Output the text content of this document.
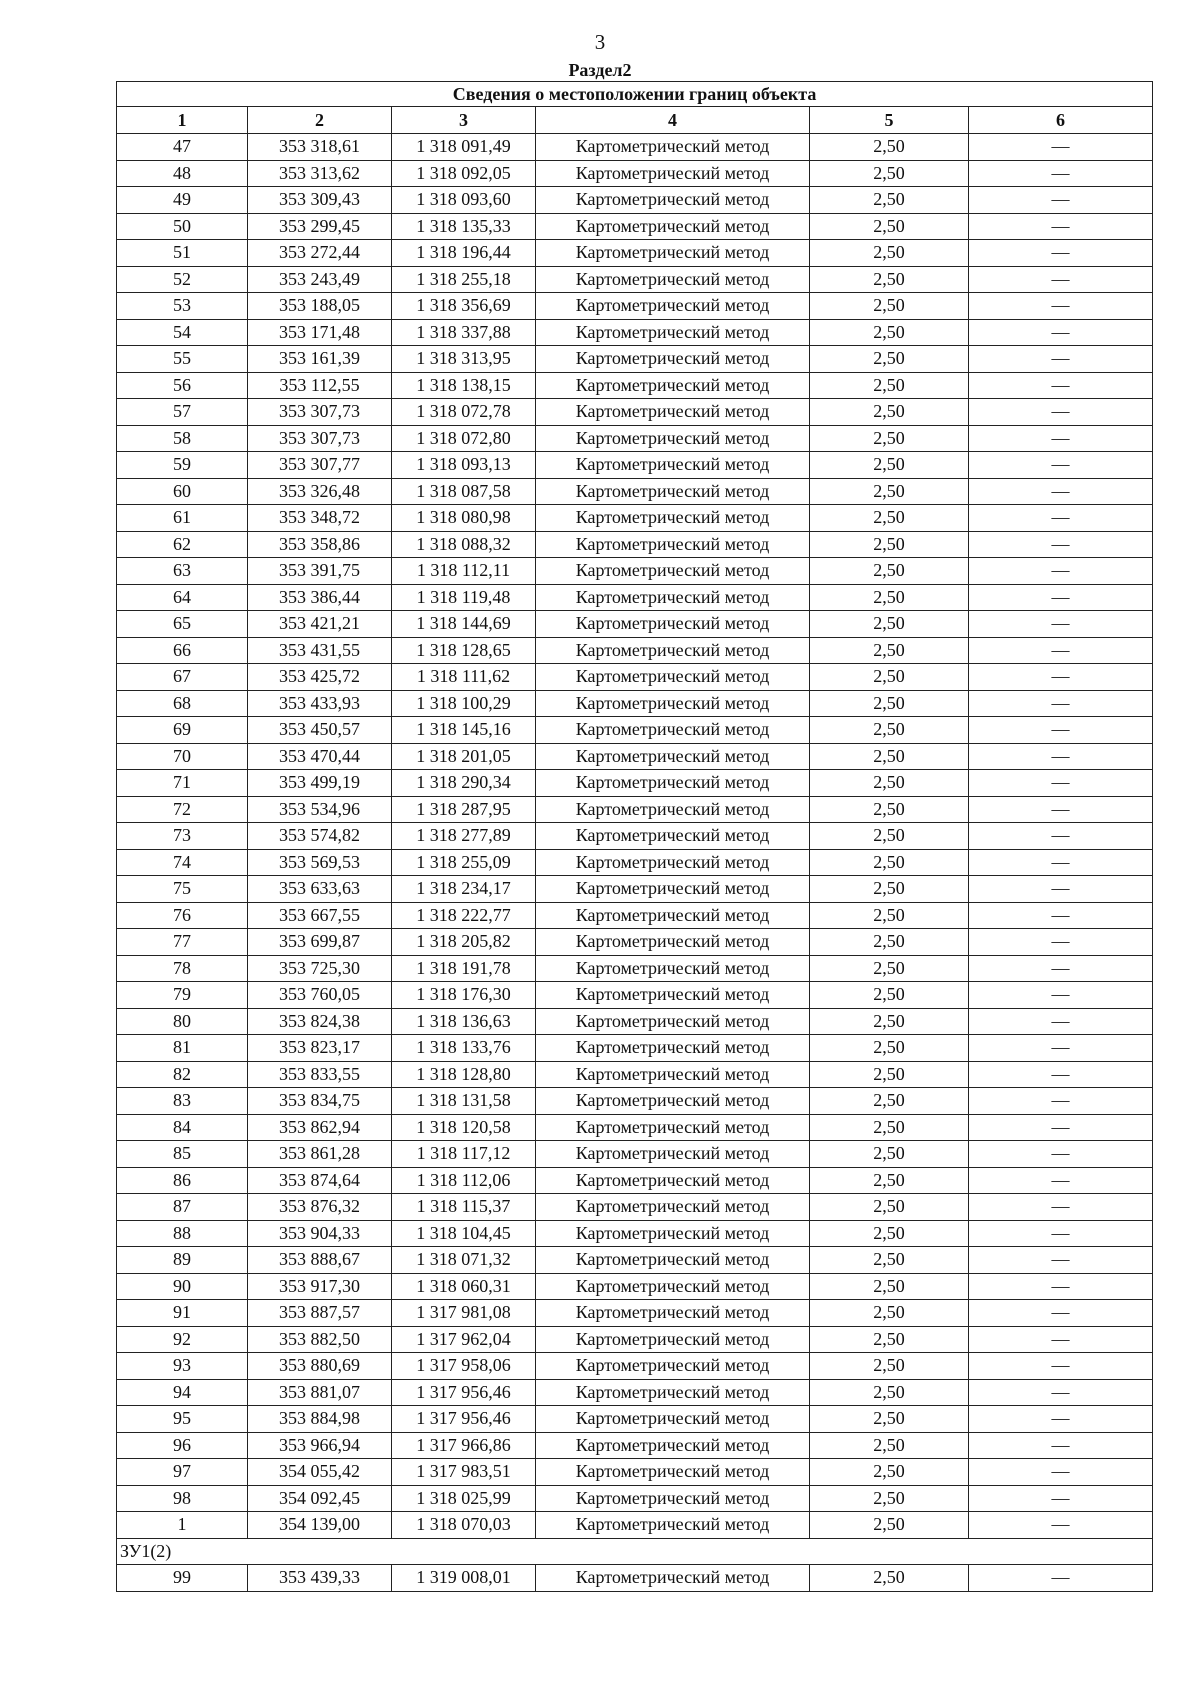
3
Раздел2
Сведения о местоположении границ объекта					
1	2	3	4	5	6
47	353 318,61	1 318 091,49	Картометрический метод	2,50	—
48	353 313,62	1 318 092,05	Картометрический метод	2,50	—
49	353 309,43	1 318 093,60	Картометрический метод	2,50	—
50	353 299,45	1 318 135,33	Картометрический метод	2,50	—
51	353 272,44	1 318 196,44	Картометрический метод	2,50	—
52	353 243,49	1 318 255,18	Картометрический метод	2,50	—
53	353 188,05	1 318 356,69	Картометрический метод	2,50	—
54	353 171,48	1 318 337,88	Картометрический метод	2,50	—
55	353 161,39	1 318 313,95	Картометрический метод	2,50	—
56	353 112,55	1 318 138,15	Картометрический метод	2,50	—
57	353 307,73	1 318 072,78	Картометрический метод	2,50	—
58	353 307,73	1 318 072,80	Картометрический метод	2,50	—
59	353 307,77	1 318 093,13	Картометрический метод	2,50	—
60	353 326,48	1 318 087,58	Картометрический метод	2,50	—
61	353 348,72	1 318 080,98	Картометрический метод	2,50	—
62	353 358,86	1 318 088,32	Картометрический метод	2,50	—
63	353 391,75	1 318 112,11	Картометрический метод	2,50	—
64	353 386,44	1 318 119,48	Картометрический метод	2,50	—
65	353 421,21	1 318 144,69	Картометрический метод	2,50	—
66	353 431,55	1 318 128,65	Картометрический метод	2,50	—
67	353 425,72	1 318 111,62	Картометрический метод	2,50	—
68	353 433,93	1 318 100,29	Картометрический метод	2,50	—
69	353 450,57	1 318 145,16	Картометрический метод	2,50	—
70	353 470,44	1 318 201,05	Картометрический метод	2,50	—
71	353 499,19	1 318 290,34	Картометрический метод	2,50	—
72	353 534,96	1 318 287,95	Картометрический метод	2,50	—
73	353 574,82	1 318 277,89	Картометрический метод	2,50	—
74	353 569,53	1 318 255,09	Картометрический метод	2,50	—
75	353 633,63	1 318 234,17	Картометрический метод	2,50	—
76	353 667,55	1 318 222,77	Картометрический метод	2,50	—
77	353 699,87	1 318 205,82	Картометрический метод	2,50	—
78	353 725,30	1 318 191,78	Картометрический метод	2,50	—
79	353 760,05	1 318 176,30	Картометрический метод	2,50	—
80	353 824,38	1 318 136,63	Картометрический метод	2,50	—
81	353 823,17	1 318 133,76	Картометрический метод	2,50	—
82	353 833,55	1 318 128,80	Картометрический метод	2,50	—
83	353 834,75	1 318 131,58	Картометрический метод	2,50	—
84	353 862,94	1 318 120,58	Картометрический метод	2,50	—
85	353 861,28	1 318 117,12	Картометрический метод	2,50	—
86	353 874,64	1 318 112,06	Картометрический метод	2,50	—
87	353 876,32	1 318 115,37	Картометрический метод	2,50	—
88	353 904,33	1 318 104,45	Картометрический метод	2,50	—
89	353 888,67	1 318 071,32	Картометрический метод	2,50	—
90	353 917,30	1 318 060,31	Картометрический метод	2,50	—
91	353 887,57	1 317 981,08	Картометрический метод	2,50	—
92	353 882,50	1 317 962,04	Картометрический метод	2,50	—
93	353 880,69	1 317 958,06	Картометрический метод	2,50	—
94	353 881,07	1 317 956,46	Картометрический метод	2,50	—
95	353 884,98	1 317 956,46	Картометрический метод	2,50	—
96	353 966,94	1 317 966,86	Картометрический метод	2,50	—
97	354 055,42	1 317 983,51	Картометрический метод	2,50	—
98	354 092,45	1 318 025,99	Картометрический метод	2,50	—
1	354 139,00	1 318 070,03	Картометрический метод	2,50	—
ЗУ1(2)					
99	353 439,33	1 319 008,01	Картометрический метод	2,50	—
